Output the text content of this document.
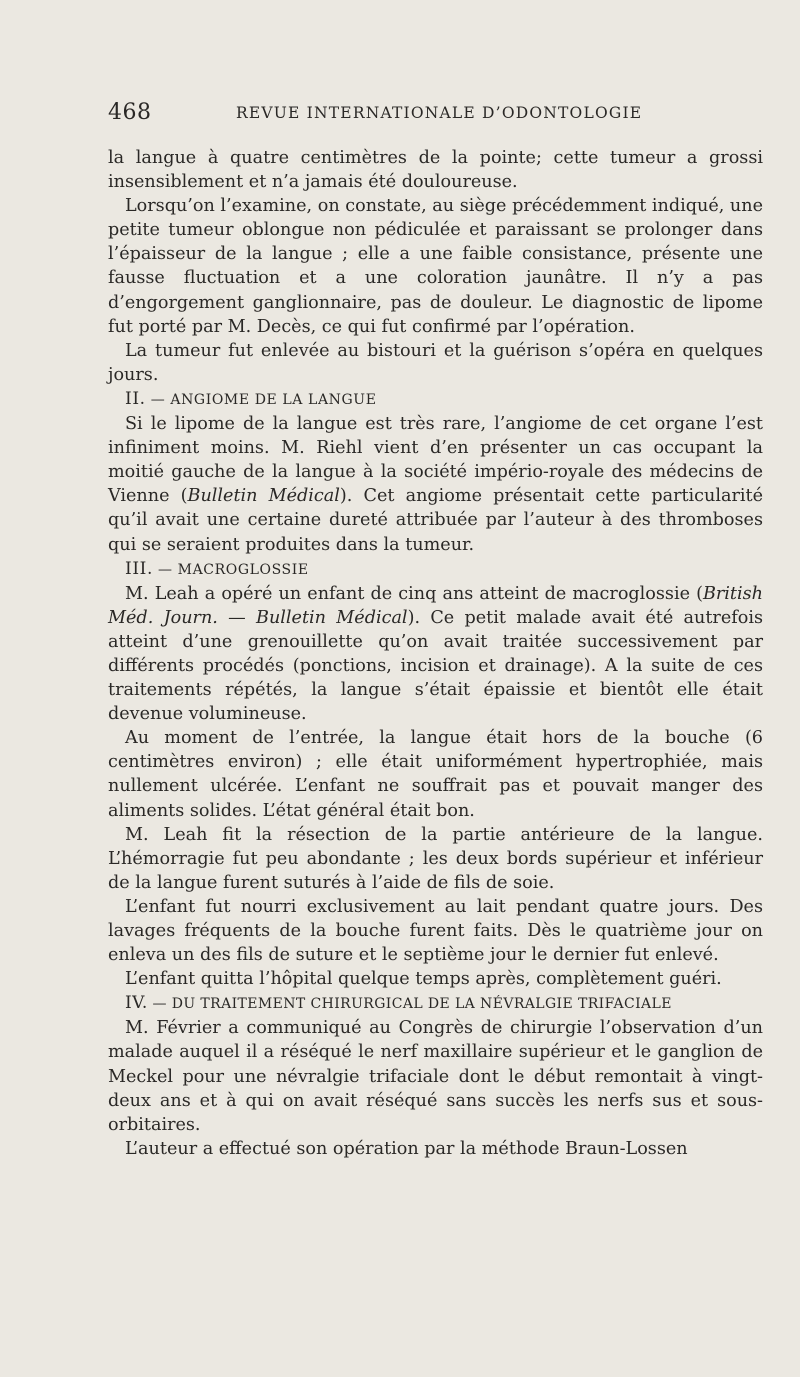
468	REVUE INTERNATIONALE D’ODONTOLOGIE

la langue à quatre centimètres de la pointe; cette tumeur a grossi insensiblement et n’a jamais été douloureuse.

Lorsqu’on l’examine, on constate, au siège précédemment indiqué, une petite tumeur oblongue non pédiculée et paraissant se prolonger dans l’épaisseur de la langue ; elle a une faible consistance, présente une fausse fluctuation et a une coloration jaunâtre. Il n’y a pas d’engorgement ganglionnaire, pas de douleur. Le diagnostic de lipome fut porté par M. Decès, ce qui fut confirmé par l’opération.

La tumeur fut enlevée au bistouri et la guérison s’opéra en quelques jours.

II. — ANGIOME DE LA LANGUE

Si le lipome de la langue est très rare, l’angiome de cet organe l’est infiniment moins. M. Riehl vient d’en présenter un cas occupant la moitié gauche de la langue à la société império-royale des médecins de Vienne (Bulletin Médical). Cet angiome présentait cette particularité qu’il avait une certaine dureté attribuée par l’auteur à des thromboses qui se seraient produites dans la tumeur.

III. — MACROGLOSSIE

M. Leah a opéré un enfant de cinq ans atteint de macroglossie (British Méd. Journ. — Bulletin Médical). Ce petit malade avait été autrefois atteint d’une grenouillette qu’on avait traitée successivement par différents procédés (ponctions, incision et drainage). A la suite de ces traitements répétés, la langue s’était épaissie et bientôt elle était devenue volumineuse.

Au moment de l’entrée, la langue était hors de la bouche (6 centimètres environ) ; elle était uniformément hypertrophiée, mais nullement ulcérée. L’enfant ne souffrait pas et pouvait manger des aliments solides. L’état général était bon.

M. Leah fit la résection de la partie antérieure de la langue. L’hémorragie fut peu abondante ; les deux bords supérieur et inférieur de la langue furent suturés à l’aide de fils de soie.

L’enfant fut nourri exclusivement au lait pendant quatre jours. Des lavages fréquents de la bouche furent faits. Dès le quatrième jour on enleva un des fils de suture et le septième jour le dernier fut enlevé.

L’enfant quitta l’hôpital quelque temps après, complètement guéri.

IV. — DU TRAITEMENT CHIRURGICAL DE LA NÉVRALGIE TRIFACIALE

M. Février a communiqué au Congrès de chirurgie l’observation d’un malade auquel il a réséqué le nerf maxillaire supérieur et le ganglion de Meckel pour une névralgie trifaciale dont le début remontait à vingt-deux ans et à qui on avait réséqué sans succès les nerfs sus et sous-orbitaires.

L’auteur a effectué son opération par la méthode Braun-Lossen
